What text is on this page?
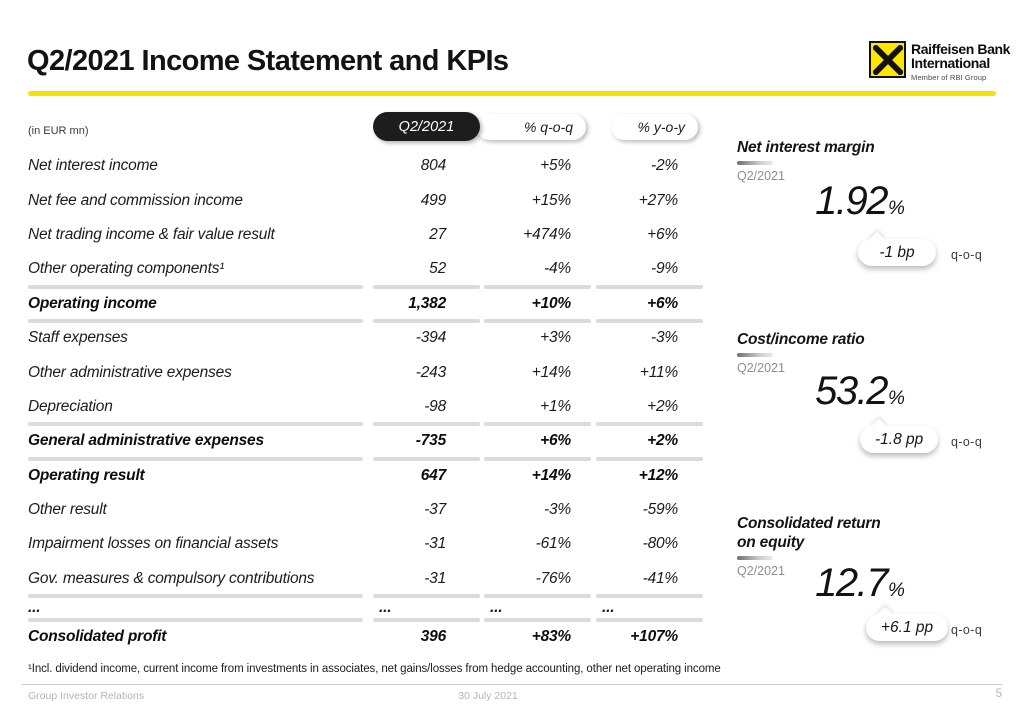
Q2/2021 Income Statement and KPIs	Raiffeisen Bank
International
Member of RBI Group
(in EUR mn)	Q2/2021	% q-o-q	% y-o-y
Net interest income	804	+5%	-2%
Net fee and commission income	499	+15%	+27%
Net trading income & fair value result	27	+474%	+6%
Other operating components¹	52	-4%	-9%
Operating income	1,382	+10%	+6%
Staff expenses	-394	+3%	-3%
Other administrative expenses	-243	+14%	+11%
Depreciation	-98	+1%	+2%
General administrative expenses	-735	+6%	+2%
Operating result	647	+14%	+12%
Other result	-37	-3%	-59%
Impairment losses on financial assets	-31	-61%	-80%
Gov. measures & compulsory contributions	-31	-76%	-41%
...	...	...	...
Consolidated profit	396	+83%	+107%
¹Incl. dividend income, current income from investments in associates, net gains/losses from hedge accounting, other net operating income
Net interest margin
Q2/2021
1.92%
-1 bp	q-o-q
Cost/income ratio
Q2/2021
53.2%
-1.8 pp q-o-q
Consolidated return
on equity
Q2/2021 12.7%
+6.1 pp q-o-q
Group Investor Relations	30 July 2021	5
